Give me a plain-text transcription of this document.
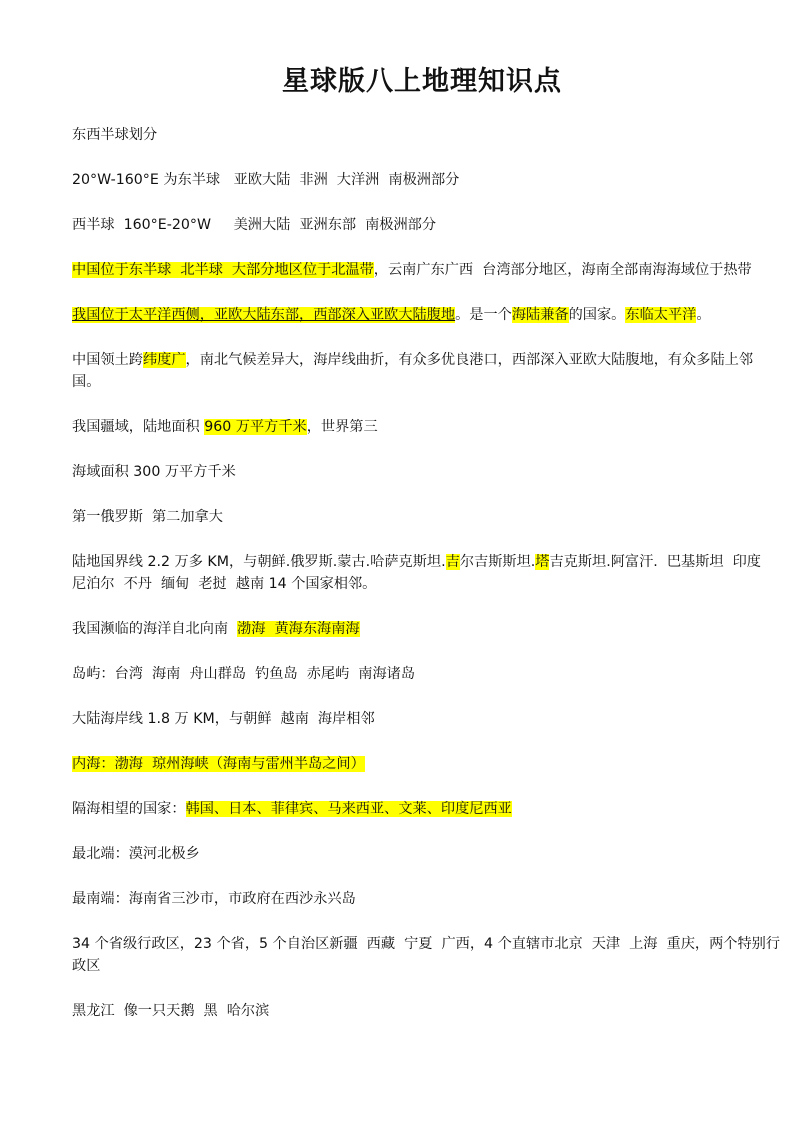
星球版八上地理知识点
东西半球划分
20°W-160°E 为东半球   亚欧大陆  非洲  大洋洲  南极洲部分
西半球  160°E-20°W     美洲大陆  亚洲东部  南极洲部分
中国位于东半球  北半球  大部分地区位于北温带，云南广东广西  台湾部分地区，海南全部南海海域位于热带
我国位于太平洋西侧，亚欧大陆东部，西部深入亚欧大陆腹地。是一个海陆兼备的国家。东临太平洋。
中国领土跨纬度广，南北气候差异大，海岸线曲折，有众多优良港口，西部深入亚欧大陆腹地，有众多陆上邻国。
我国疆域，陆地面积 960 万平方千米，世界第三
海域面积 300 万平方千米
第一俄罗斯  第二加拿大
陆地国界线 2.2 万多 KM，与朝鲜.俄罗斯.蒙古.哈萨克斯坦.吉尔吉斯斯坦.塔吉克斯坦.阿富汗.  巴基斯坦  印度    尼泊尔  不丹  缅甸  老挝  越南 14 个国家相邻。
我国濒临的海洋自北向南  渤海  黄海东海南海
岛屿：台湾  海南  舟山群岛  钓鱼岛  赤尾屿  南海诸岛
大陆海岸线 1.8 万 KM，与朝鲜  越南  海岸相邻
内海：渤海  琼州海峡（海南与雷州半岛之间）
隔海相望的国家：韩国、日本、菲律宾、马来西亚、文莱、印度尼西亚
最北端：漠河北极乡
最南端：海南省三沙市，市政府在西沙永兴岛
34 个省级行政区，23 个省，5 个自治区新疆  西藏  宁夏  广西，4 个直辖市北京  天津  上海  重庆，两个特别行政区
黑龙江  像一只天鹅  黑  哈尔滨
